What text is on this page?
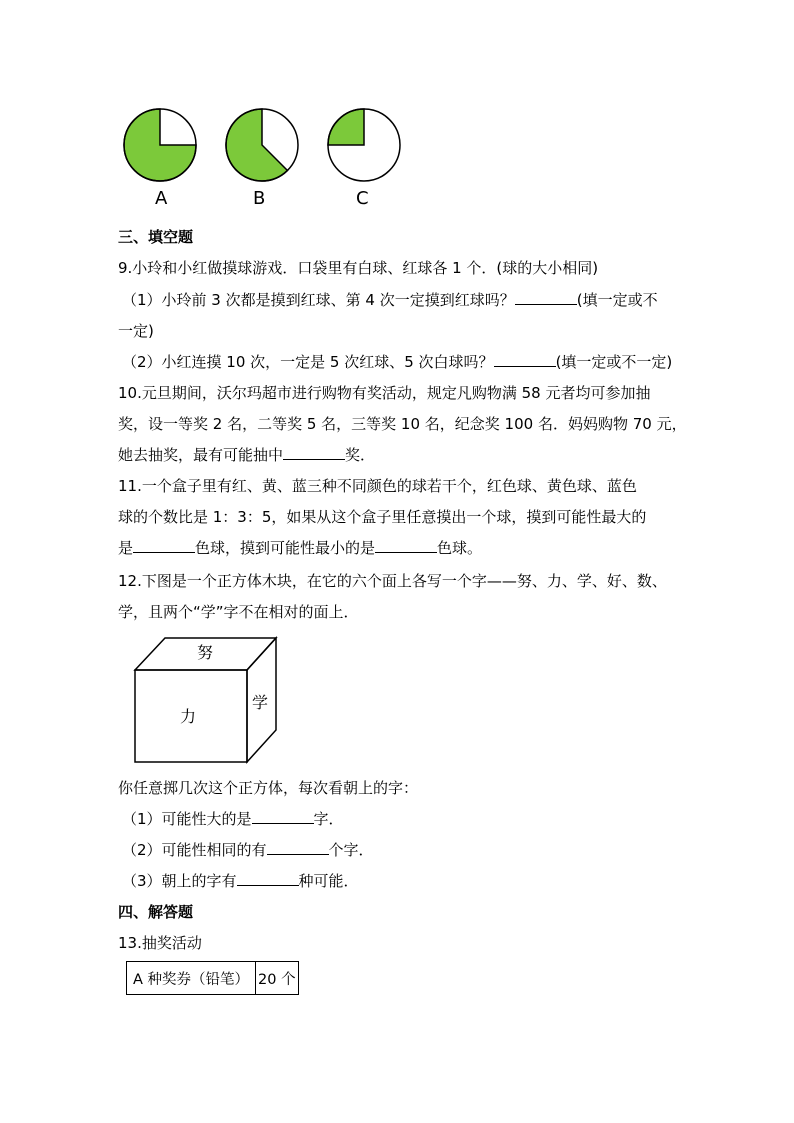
A	B	C
三、填空题
9.小玲和小红做摸球游戏．口袋里有白球、红球各 1 个．(球的大小相同)
（1）小玲前 3 次都是摸到红球、第 4 次一定摸到红球吗？	(填一定或不
一定)
（2）小红连摸 10 次，一定是 5 次红球、5 次白球吗？	(填一定或不一定)
10.元旦期间，沃尔玛超市进行购物有奖活动，规定凡购物满 58 元者均可参加抽
奖，设一等奖 2 名，二等奖 5 名，三等奖 10 名，纪念奖 100 名．妈妈购物 70 元，
她去抽奖，最有可能抽中	奖．
11.一个盒子里有红、黄、蓝三种不同颜色的球若干个，红色球、黄色球、蓝色
球的个数比是 1：3：5，如果从这个盒子里任意摸出一个球，摸到可能性最大的
是	色球，摸到可能性最小的是	色球。
12.下图是一个正方体木块，在它的六个面上各写一个字——努、力、学、好、数、
学，且两个“学”字不在相对的面上．
努
力
学
你任意掷几次这个正方体，每次看朝上的字：
（1）可能性大的是	字．
（2）可能性相同的有	个字．
（3）朝上的字有	种可能．
四、解答题
13.抽奖活动
A 种奖券（铅笔）	20 个
